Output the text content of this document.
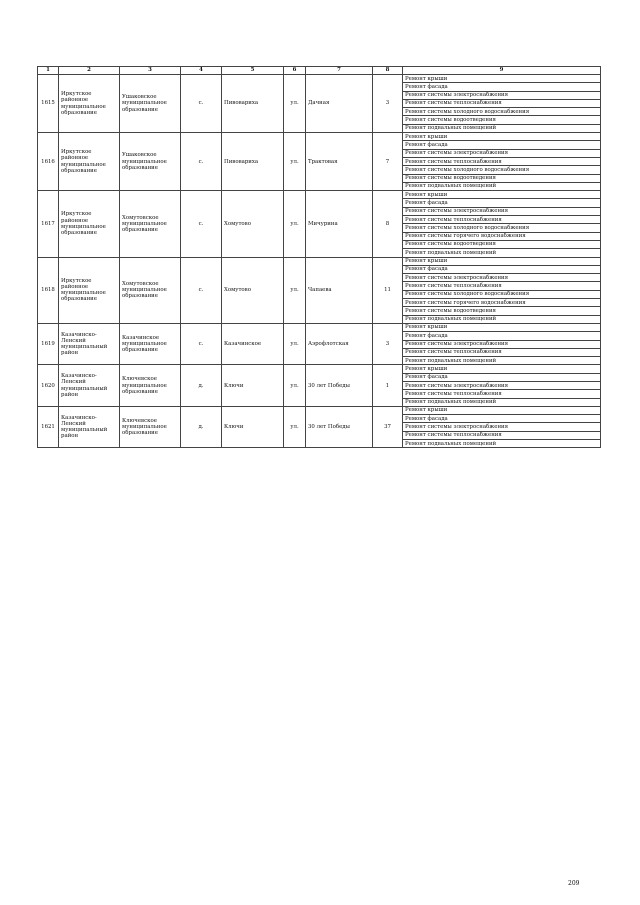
1	2	3	4	5	6	7	8	9
1615	Иркутское районное муниципальное образование	Ушаковское муниципальное образование	с.	Пивовариха	ул.	Дачная	3	Ремонт крыши
								Ремонт фасада
								Ремонт системы электроснабжения
								Ремонт системы теплоснабжения
								Ремонт системы холодного водоснабжения
								Ремонт системы водоотведения
								Ремонт подвальных помещений
1616	Иркутское районное муниципальное образование	Ушаковское муниципальное образование	с.	Пивовариха	ул.	Трактовая	7	Ремонт крыши
								Ремонт фасада
								Ремонт системы электроснабжения
								Ремонт системы теплоснабжения
								Ремонт системы холодного водоснабжения
								Ремонт системы водоотведения
								Ремонт подвальных помещений
1617	Иркутское районное муниципальное образование	Хомутовское муниципальное образование	с.	Хомутово	ул.	Мичурина	8	Ремонт крыши
								Ремонт фасада
								Ремонт системы электроснабжения
								Ремонт системы теплоснабжения
								Ремонт системы холодного водоснабжения
								Ремонт системы горячего водоснабжения
								Ремонт системы водоотведения
								Ремонт подвальных помещений
1618	Иркутское районное муниципальное образование	Хомутовское муниципальное образование	с.	Хомутово	ул.	Чапаева	11	Ремонт крыши
								Ремонт фасада
								Ремонт системы электроснабжения
								Ремонт системы теплоснабжения
								Ремонт системы холодного водоснабжения
								Ремонт системы горячего водоснабжения
								Ремонт системы водоотведения
								Ремонт подвальных помещений
1619	Казачинско-Ленский муниципальный район	Казачинское муниципальное образование	с.	Казачинское	ул.	Аэрофлотская	3	Ремонт крыши
								Ремонт фасада
								Ремонт системы электроснабжения
								Ремонт системы теплоснабжения
								Ремонт подвальных помещений
1620	Казачинско-Ленский муниципальный район	Ключевское муниципальное образование	д.	Ключи	ул.	30 лет Победы	1	Ремонт крыши
								Ремонт фасада
								Ремонт системы электроснабжения
								Ремонт системы теплоснабжения
								Ремонт подвальных помещений
1621	Казачинско-Ленский муниципальный район	Ключевское муниципальное образование	д.	Ключи	ул.	30 лет Победы	37	Ремонт крыши
								Ремонт фасада
								Ремонт системы электроснабжения
								Ремонт системы теплоснабжения
								Ремонт подвальных помещений
209
